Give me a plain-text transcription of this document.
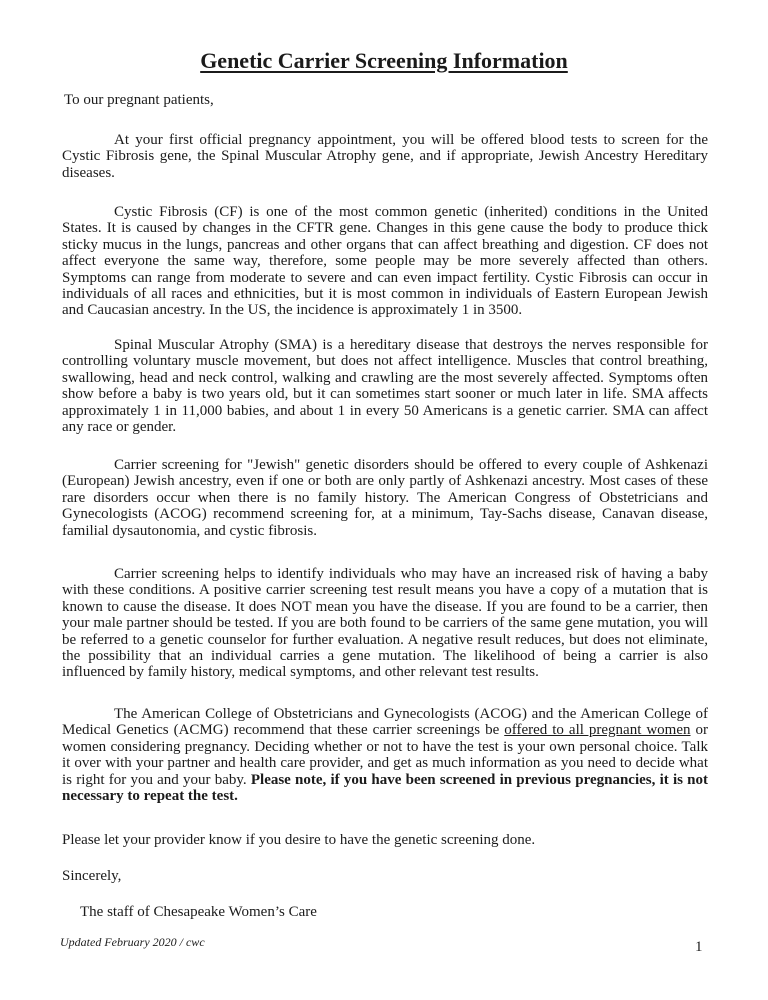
Genetic Carrier Screening Information
To our pregnant patients,
At your first official pregnancy appointment, you will be offered blood tests to screen for the Cystic Fibrosis gene, the Spinal Muscular Atrophy gene, and if appropriate, Jewish Ancestry Hereditary diseases.
Cystic Fibrosis (CF) is one of the most common genetic (inherited) conditions in the United States. It is caused by changes in the CFTR gene. Changes in this gene cause the body to produce thick sticky mucus in the lungs, pancreas and other organs that can affect breathing and digestion. CF does not affect everyone the same way, therefore, some people may be more severely affected than others. Symptoms can range from moderate to severe and can even impact fertility. Cystic Fibrosis can occur in individuals of all races and ethnicities, but it is most common in individuals of Eastern European Jewish and Caucasian ancestry. In the US, the incidence is approximately 1 in 3500.
Spinal Muscular Atrophy (SMA) is a hereditary disease that destroys the nerves responsible for controlling voluntary muscle movement, but does not affect intelligence. Muscles that control breathing, swallowing, head and neck control, walking and crawling are the most severely affected. Symptoms often show before a baby is two years old, but it can sometimes start sooner or much later in life. SMA affects approximately 1 in 11,000 babies, and about 1 in every 50 Americans is a genetic carrier. SMA can affect any race or gender.
Carrier screening for "Jewish" genetic disorders should be offered to every couple of Ashkenazi (European) Jewish ancestry, even if one or both are only partly of Ashkenazi ancestry. Most cases of these rare disorders occur when there is no family history. The American Congress of Obstetricians and Gynecologists (ACOG) recommend screening for, at a minimum, Tay-Sachs disease, Canavan disease, familial dysautonomia, and cystic fibrosis.
Carrier screening helps to identify individuals who may have an increased risk of having a baby with these conditions. A positive carrier screening test result means you have a copy of a mutation that is known to cause the disease. It does NOT mean you have the disease. If you are found to be a carrier, then your male partner should be tested. If you are both found to be carriers of the same gene mutation, you will be referred to a genetic counselor for further evaluation. A negative result reduces, but does not eliminate, the possibility that an individual carries a gene mutation. The likelihood of being a carrier is also influenced by family history, medical symptoms, and other relevant test results.
The American College of Obstetricians and Gynecologists (ACOG) and the American College of Medical Genetics (ACMG) recommend that these carrier screenings be offered to all pregnant women or women considering pregnancy. Deciding whether or not to have the test is your own personal choice. Talk it over with your partner and health care provider, and get as much information as you need to decide what is right for you and your baby. Please note, if you have been screened in previous pregnancies, it is not necessary to repeat the test.
Please let your provider know if you desire to have the genetic screening done.
Sincerely,
The staff of Chesapeake Women’s Care
Updated February 2020 / cwc	1
